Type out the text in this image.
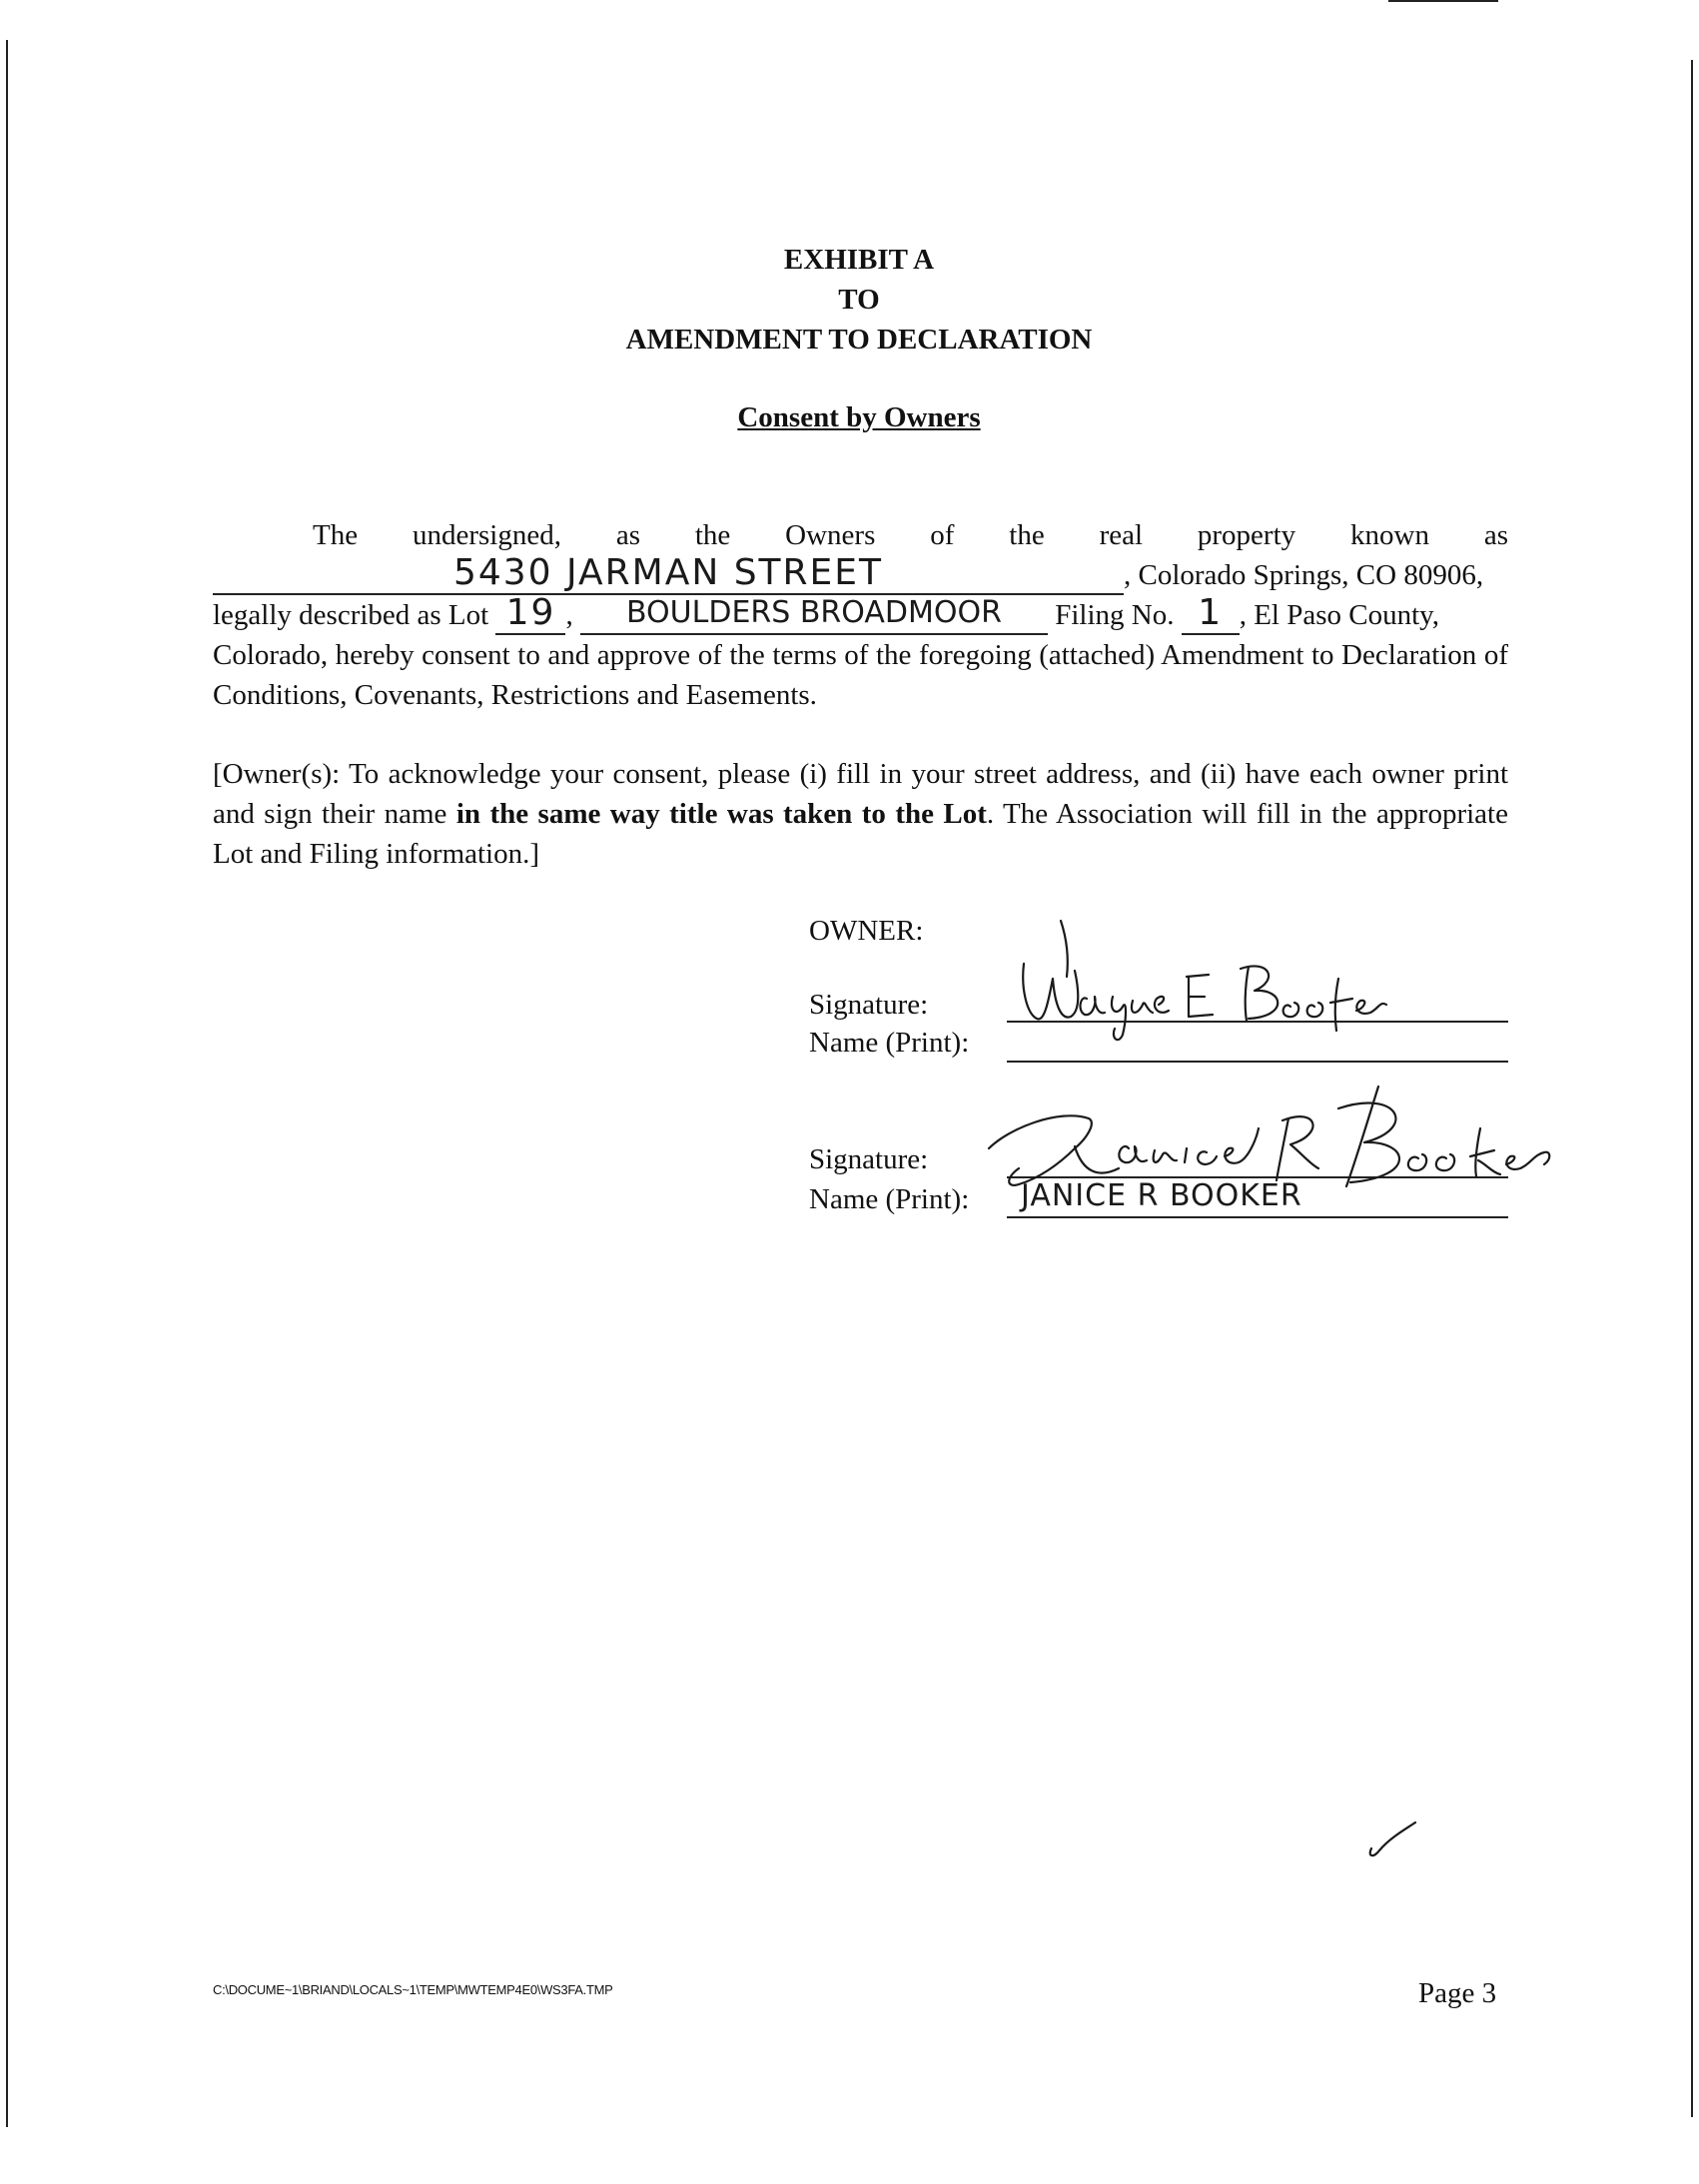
EXHIBIT A
TO
AMENDMENT TO DECLARATION
Consent by Owners
The undersigned, as the Owners of the real property known as
5430 JARMAN STREET	, Colorado Springs, CO 80906,
legally described as Lot 19 ,	BOULDERS BROADMOOR	Filing No. 1 , El Paso County,
Colorado, hereby consent to and approve of the terms of the foregoing (attached) Amendment to Declaration of Conditions, Covenants, Restrictions and Easements.
[Owner(s): To acknowledge your consent, please (i) fill in your street address, and (ii) have each owner print and sign their name in the same way title was taken to the Lot. The Association will fill in the appropriate Lot and Filing information.]
OWNER:
Signature:
Name (Print):
Signature:
Name (Print): JANICE R BOOKER
C:\DOCUME~1\BRIAND\LOCALS~1\TEMP\MWTEMP4E0\WS3FA.TMP	Page 3
